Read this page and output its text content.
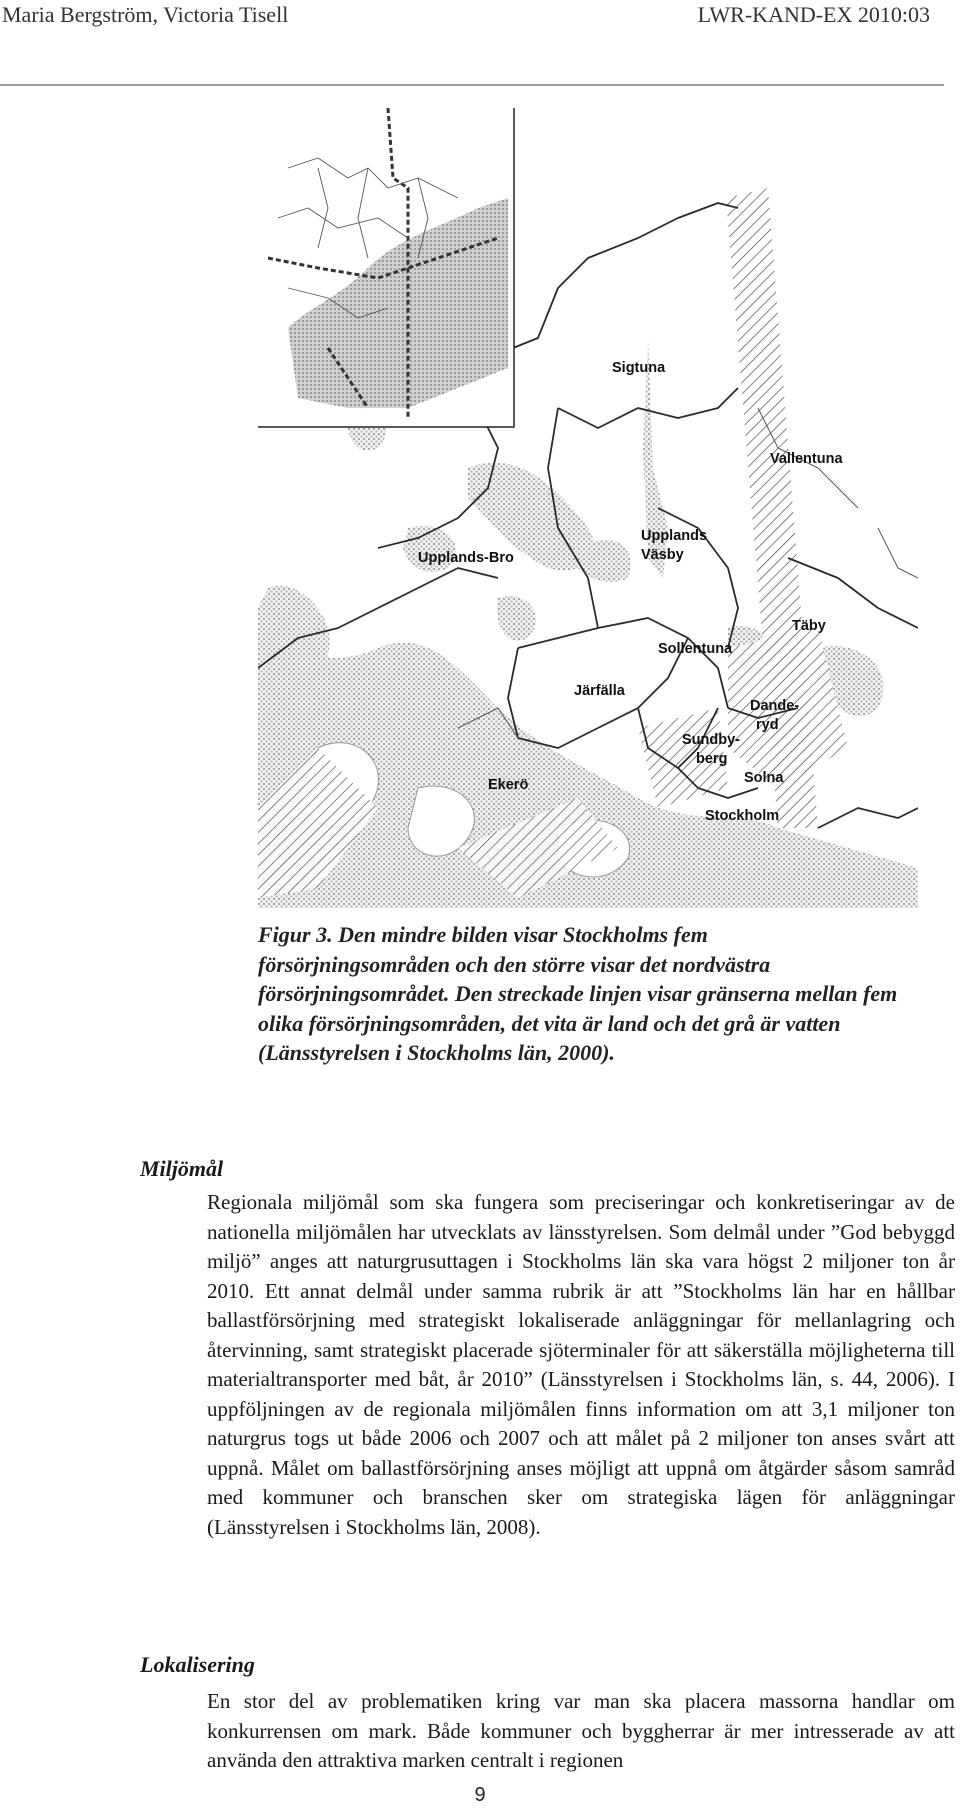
Maria Bergström, Victoria Tisell	LWR-KAND-EX 2010:03
Sigtuna
Vallentuna
Upplands
Väsby
Upplands-Bro
Täby
Sollentuna
Järfälla
Dande-
ryd
Sundby-
berg
Solna
Ekerö
Stockholm
Figur 3. Den mindre bilden visar Stockholms fem försörjningsområden och den större visar det nordvästra försörjningsområdet. Den streckade linjen visar gränserna mellan fem olika försörjningsområden, det vita är land och det grå är vatten (Länsstyrelsen i Stockholms län, 2000).
Miljömål

Regionala miljömål som ska fungera som preciseringar och konkretiseringar av de nationella miljömålen har utvecklats av länsstyrelsen. Som delmål under ”God bebyggd miljö” anges att naturgrusuttagen i Stockholms län ska vara högst 2 miljoner ton år 2010. Ett annat delmål under samma rubrik är att ”Stockholms län har en hållbar ballastförsörjning med strategiskt lokaliserade anläggningar för mellanlagring och återvinning, samt strategiskt placerade sjöterminaler för att säkerställa möjligheterna till materialtransporter med båt, år 2010” (Länsstyrelsen i Stockholms län, s. 44, 2006). I uppföljningen av de regionala miljömålen finns information om att 3,1 miljoner ton naturgrus togs ut både 2006 och 2007 och att målet på 2 miljoner ton anses svårt att uppnå. Målet om ballastförsörjning anses möjligt att uppnå om åtgärder såsom samråd med kommuner och branschen sker om strategiska lägen för anläggningar (Länsstyrelsen i Stockholms län, 2008).

Lokalisering

En stor del av problematiken kring var man ska placera massorna handlar om konkurrensen om mark. Både kommuner och byggherrar är mer intresserade av att använda den attraktiva marken centralt i regionen

9
